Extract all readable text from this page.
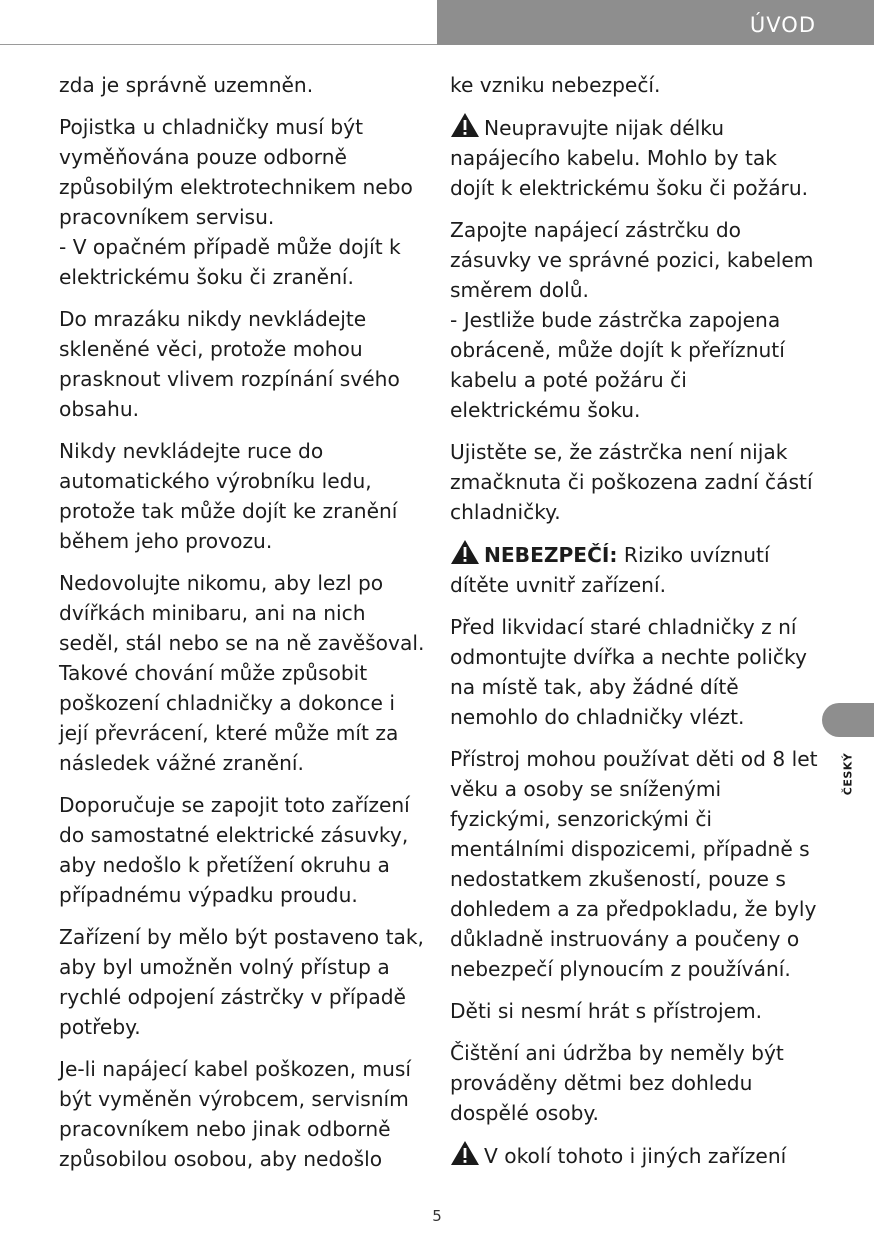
ÚVOD

zda je správně uzemněn.

Pojistka u chladničky musí být vyměňována pouze odborně způsobilým elektrotechnikem nebo pracovníkem servisu.
- V opačném případě může dojít k elektrickému šoku či zranění.

Do mrazáku nikdy nevkládejte skleněné věci, protože mohou prasknout vlivem rozpínání svého obsahu.

Nikdy nevkládejte ruce do automatického výrobníku ledu, protože tak může dojít ke zranění během jeho provozu.

Nedovolujte nikomu, aby lezl po dvířkách minibaru, ani na nich seděl, stál nebo se na ně zavěšoval. Takové chování může způsobit poškození chladničky a dokonce i její převrácení, které může mít za následek vážné zranění.

Doporučuje se zapojit toto zařízení do samostatné elektrické zásuvky, aby nedošlo k přetížení okruhu a případnému výpadku proudu.

Zařízení by mělo být postaveno tak, aby byl umožněn volný přístup a rychlé odpojení zástrčky v případě potřeby.

Je-li napájecí kabel poškozen, musí být vyměněn výrobcem, servisním pracovníkem nebo jinak odborně způsobilou osobou, aby nedošlo

ke vzniku nebezpečí.

Neupravujte nijak délku napájecího kabelu. Mohlo by tak dojít k elektrickému šoku či požáru.

Zapojte napájecí zástrčku do zásuvky ve správné pozici, kabelem směrem dolů.
- Jestliže bude zástrčka zapojena obráceně, může dojít k přeříznutí kabelu a poté požáru či elektrickému šoku.

Ujistěte se, že zástrčka není nijak zmačknuta či poškozena zadní částí chladničky.

NEBEZPEČÍ: Riziko uvíznutí dítěte uvnitř zařízení.

Před likvidací staré chladničky z ní odmontujte dvířka a nechte poličky na místě tak, aby žádné dítě nemohlo do chladničky vlézt.

Přístroj mohou používat děti od 8 let věku a osoby se sníženými fyzickými, senzorickými či mentálními dispozicemi, případně s nedostatkem zkušeností, pouze s dohledem a za předpokladu, že byly důkladně instruovány a poučeny o nebezpečí plynoucím z používání.

Děti si nesmí hrát s přístrojem.

Čištění ani údržba by neměly být prováděny dětmi bez dohledu dospělé osoby.

V okolí tohoto i jiných zařízení

ČESKÝ
5
